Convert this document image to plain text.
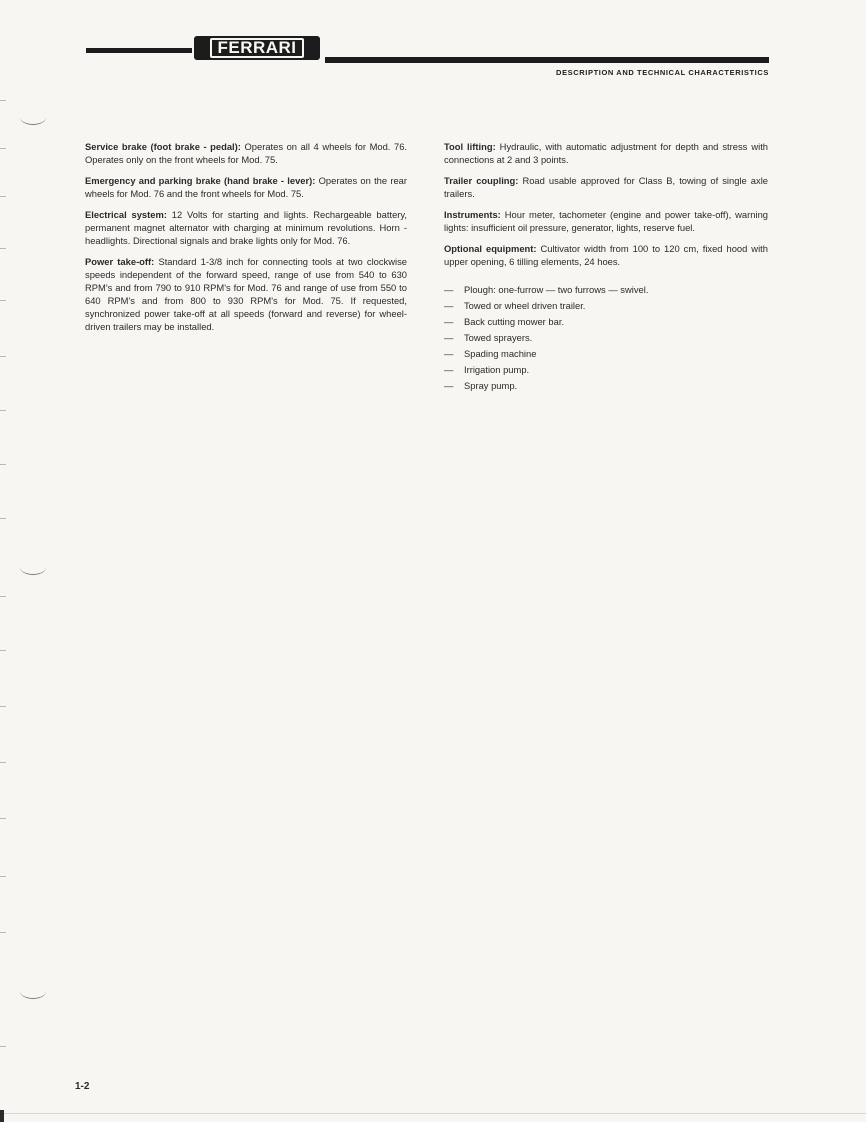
FERRARI
DESCRIPTION AND TECHNICAL CHARACTERISTICS

Service brake (foot brake - pedal): Operates on all 4 wheels for Mod. 76. Operates only on the front wheels for Mod. 75.

Emergency and parking brake (hand brake - lever): Operates on the rear wheels for Mod. 76 and the front wheels for Mod. 75.

Electrical system: 12 Volts for starting and lights. Rechargeable battery, permanent magnet alternator with charging at minimum revolutions. Horn - headlights. Directional signals and brake lights only for Mod. 76.

Power take-off: Standard 1-3/8 inch for connecting tools at two clockwise speeds independent of the forward speed, range of use from 540 to 630 RPM's and from 790 to 910 RPM's for Mod. 76 and range of use from 550 to 640 RPM's and from 800 to 930 RPM's for Mod. 75. If requested, synchronized power take-off at all speeds (forward and reverse) for wheel-driven trailers may be installed.

Tool lifting: Hydraulic, with automatic adjustment for depth and stress with connections at 2 and 3 points.

Trailer coupling: Road usable approved for Class B, towing of single axle trailers.

Instruments: Hour meter, tachometer (engine and power take-off), warning lights: insufficient oil pressure, generator, lights, reserve fuel.

Optional equipment: Cultivator width from 100 to 120 cm, fixed hood with upper opening, 6 tilling elements, 24 hoes.

— Plough: one-furrow — two furrows — swivel.
— Towed or wheel driven trailer.
— Back cutting mower bar.
— Towed sprayers.
— Spading machine
— Irrigation pump.
— Spray pump.
1-2
